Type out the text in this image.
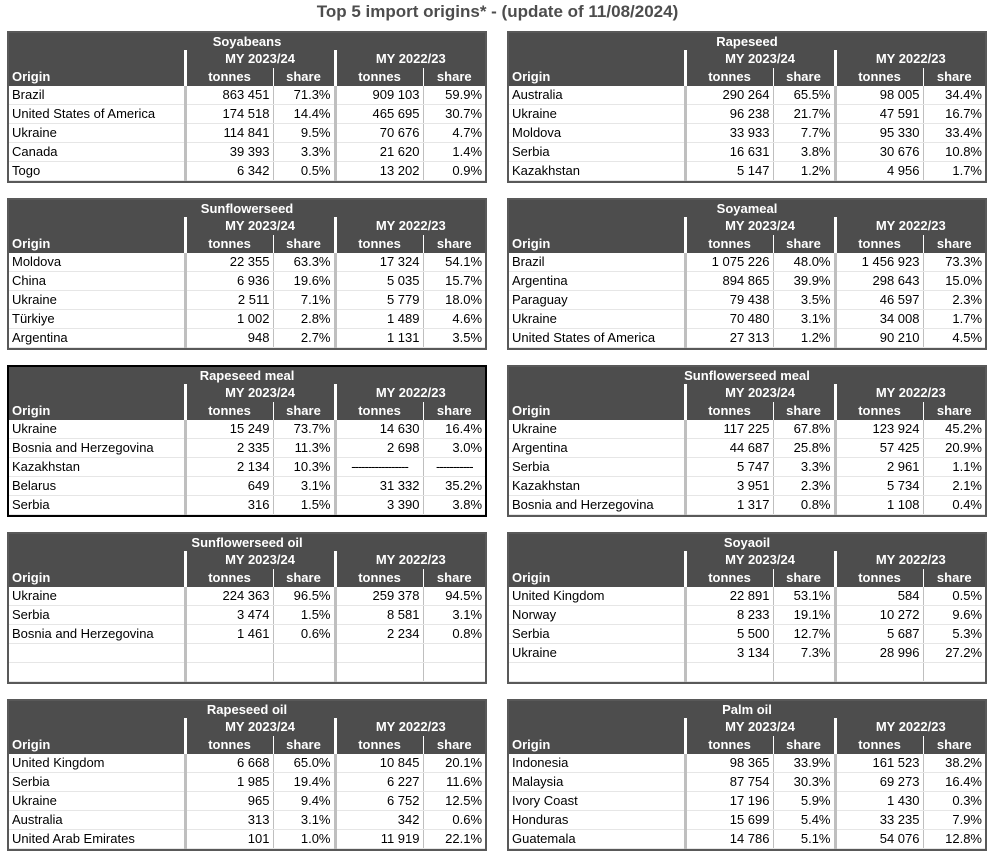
Top 5 import origins* - (update of 11/08/2024)
Soyabeans				
	MY 2023/24		MY 2022/23	
Origin	tonnes	share	tonnes	share
Brazil	863 451	71.3%	909 103	59.9%
United States of America	174 518	14.4%	465 695	30.7%
Ukraine	114 841	9.5%	70 676	4.7%
Canada	39 393	3.3%	21 620	1.4%
Togo	6 342	0.5%	13 202	0.9%
Rapeseed				
	MY 2023/24		MY 2022/23	
Origin	tonnes	share	tonnes	share
Australia	290 264	65.5%	98 005	34.4%
Ukraine	96 238	21.7%	47 591	16.7%
Moldova	33 933	7.7%	95 330	33.4%
Serbia	16 631	3.8%	30 676	10.8%
Kazakhstan	5 147	1.2%	4 956	1.7%
Sunflowerseed				
	MY 2023/24		MY 2022/23	
Origin	tonnes	share	tonnes	share
Moldova	22 355	63.3%	17 324	54.1%
China	6 936	19.6%	5 035	15.7%
Ukraine	2 511	7.1%	5 779	18.0%
Türkiye	1 002	2.8%	1 489	4.6%
Argentina	948	2.7%	1 131	3.5%
Soyameal				
	MY 2023/24		MY 2022/23	
Origin	tonnes	share	tonnes	share
Brazil	1 075 226	48.0%	1 456 923	73.3%
Argentina	894 865	39.9%	298 643	15.0%
Paraguay	79 438	3.5%	46 597	2.3%
Ukraine	70 480	3.1%	34 008	1.7%
United States of America	27 313	1.2%	90 210	4.5%
Rapeseed meal				
	MY 2023/24		MY 2022/23	
Origin	tonnes	share	tonnes	share
Ukraine	15 249	73.7%	14 630	16.4%
Bosnia and Herzegovina	2 335	11.3%	2 698	3.0%
Kazakhstan	2 134	10.3%	-----------------	-----------
Belarus	649	3.1%	31 332	35.2%
Serbia	316	1.5%	3 390	3.8%
Sunflowerseed meal				
	MY 2023/24		MY 2022/23	
Origin	tonnes	share	tonnes	share
Ukraine	117 225	67.8%	123 924	45.2%
Argentina	44 687	25.8%	57 425	20.9%
Serbia	5 747	3.3%	2 961	1.1%
Kazakhstan	3 951	2.3%	5 734	2.1%
Bosnia and Herzegovina	1 317	0.8%	1 108	0.4%
Sunflowerseed oil				
	MY 2023/24		MY 2022/23	
Origin	tonnes	share	tonnes	share
Ukraine	224 363	96.5%	259 378	94.5%
Serbia	3 474	1.5%	8 581	3.1%
Bosnia and Herzegovina	1 461	0.6%	2 234	0.8%

Soyaoil				
	MY 2023/24		MY 2022/23	
Origin	tonnes	share	tonnes	share
United Kingdom	22 891	53.1%	584	0.5%
Norway	8 233	19.1%	10 272	9.6%
Serbia	5 500	12.7%	5 687	5.3%
Ukraine	3 134	7.3%	28 996	27.2%

Rapeseed oil				
	MY 2023/24		MY 2022/23	
Origin	tonnes	share	tonnes	share
United Kingdom	6 668	65.0%	10 845	20.1%
Serbia	1 985	19.4%	6 227	11.6%
Ukraine	965	9.4%	6 752	12.5%
Australia	313	3.1%	342	0.6%
United Arab Emirates	101	1.0%	11 919	22.1%
Palm oil				
	MY 2023/24		MY 2022/23	
Origin	tonnes	share	tonnes	share
Indonesia	98 365	33.9%	161 523	38.2%
Malaysia	87 754	30.3%	69 273	16.4%
Ivory Coast	17 196	5.9%	1 430	0.3%
Honduras	15 699	5.4%	33 235	7.9%
Guatemala	14 786	5.1%	54 076	12.8%
